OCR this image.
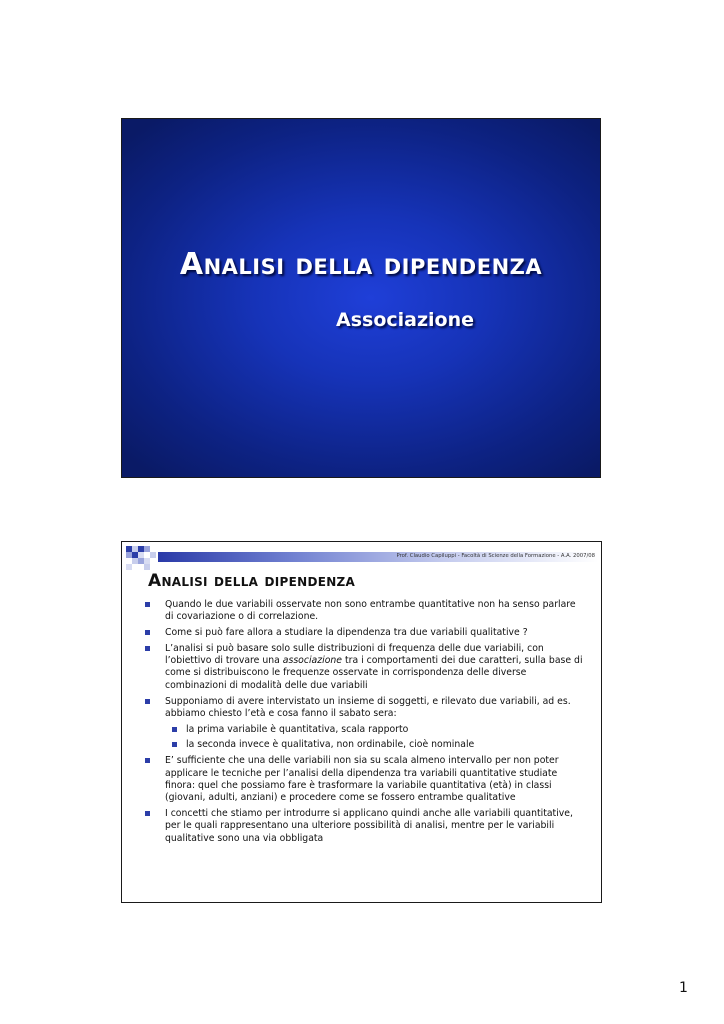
Analisi della dipendenza
Associazione
Prof. Claudio Capiluppi - Facoltà di Scienze della Formazione - A.A. 2007/08
Analisi della dipendenza
Quando le due variabili osservate non sono entrambe quantitative non ha senso parlare di covariazione o di correlazione.
Come si può fare allora a studiare la dipendenza tra due variabili qualitative ?
L’analisi si può basare solo sulle distribuzioni di frequenza delle due variabili, con l’obiettivo di trovare una associazione tra i comportamenti dei due caratteri, sulla base di come si distribuiscono le frequenze osservate in corrispondenza delle diverse combinazioni di modalità delle due variabili
Supponiamo di avere intervistato un insieme di soggetti, e rilevato due variabili, ad es. abbiamo chiesto l’età e cosa fanno il sabato sera:
la prima variabile è quantitativa, scala rapporto
la seconda invece è qualitativa, non ordinabile, cioè nominale
E’ sufficiente che una delle variabili non sia su scala almeno intervallo per non poter applicare le tecniche per l’analisi della dipendenza tra variabili quantitative studiate finora: quel che possiamo fare è trasformare la variabile quantitativa (età) in classi (giovani, adulti, anziani) e procedere come se fossero entrambe qualitative
I concetti che stiamo per introdurre si applicano quindi anche alle variabili quantitative, per le quali rappresentano una ulteriore possibilità di analisi, mentre per le variabili qualitative sono una via obbligata
1
